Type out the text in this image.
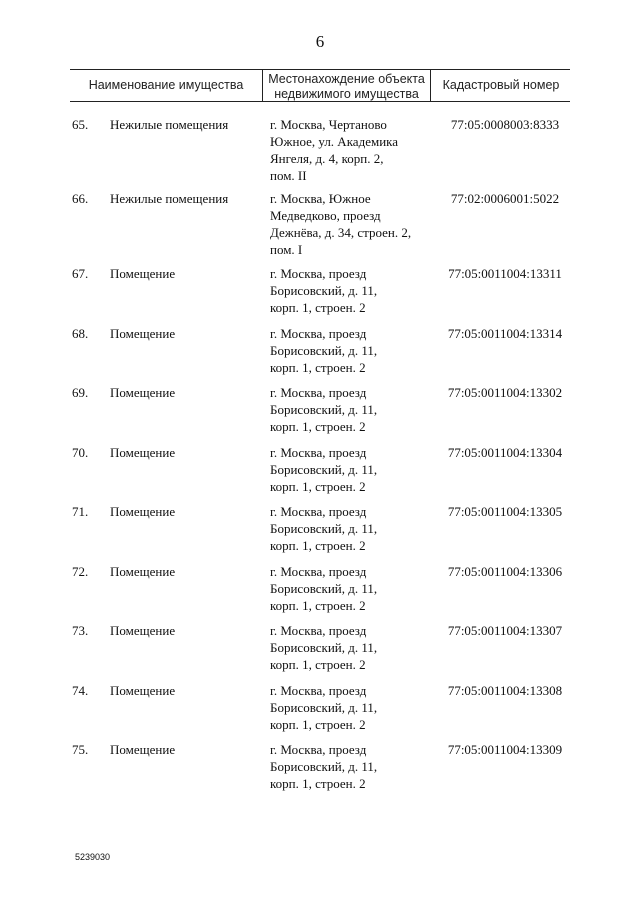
6
Наименование имущества	Местонахождение объекта
недвижимого имущества
Кадастровый номер
65.	Нежилые помещения	г. Москва, Чертаново
Южное, ул. Академика
Янгеля, д. 4, корп. 2,
пом. II
77:05:0008003:8333
66.	Нежилые помещения	г. Москва, Южное
Медведково, проезд
Дежнёва, д. 34, строен. 2,
пом. I
77:02:0006001:5022
67.	Помещение	г. Москва, проезд
Борисовский, д. 11,
корп. 1, строен. 2
77:05:0011004:13311
68.	Помещение	г. Москва, проезд
Борисовский, д. 11,
корп. 1, строен. 2
77:05:0011004:13314
69.	Помещение	г. Москва, проезд
Борисовский, д. 11,
корп. 1, строен. 2
77:05:0011004:13302
70.	Помещение	г. Москва, проезд
Борисовский, д. 11,
корп. 1, строен. 2
77:05:0011004:13304
71.	Помещение	г. Москва, проезд
Борисовский, д. 11,
корп. 1, строен. 2
77:05:0011004:13305
72.	Помещение	г. Москва, проезд
Борисовский, д. 11,
корп. 1, строен. 2
77:05:0011004:13306
73.	Помещение	г. Москва, проезд
Борисовский, д. 11,
корп. 1, строен. 2
77:05:0011004:13307
74.	Помещение	г. Москва, проезд
Борисовский, д. 11,
корп. 1, строен. 2
77:05:0011004:13308
75.	Помещение	г. Москва, проезд
Борисовский, д. 11,
корп. 1, строен. 2
77:05:0011004:13309
5239030
